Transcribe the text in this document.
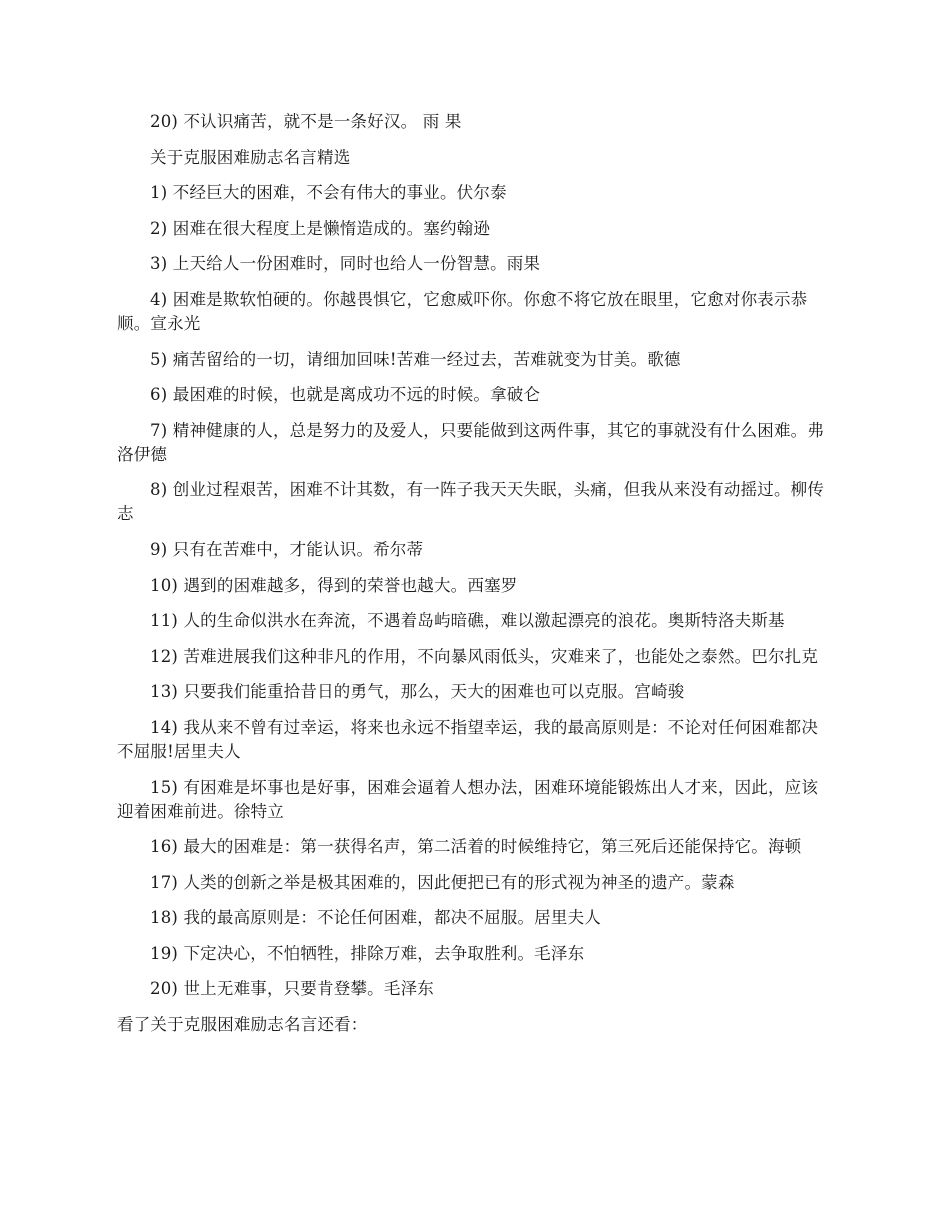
20) 不认识痛苦，就不是一条好汉。 雨 果

关于克服困难励志名言精选

1) 不经巨大的困难，不会有伟大的事业。伏尔泰

2) 困难在很大程度上是懒惰造成的。塞约翰逊

3) 上天给人一份困难时，同时也给人一份智慧。雨果

4) 困难是欺软怕硬的。你越畏惧它，它愈威吓你。你愈不将它放在眼里，它愈对你表示恭顺。宣永光

5) 痛苦留给的一切，请细加回味!苦难一经过去，苦难就变为甘美。歌德

6) 最困难的时候，也就是离成功不远的时候。拿破仑

7) 精神健康的人，总是努力的及爱人，只要能做到这两件事，其它的事就没有什么困难。弗洛伊德

8) 创业过程艰苦，困难不计其数，有一阵子我天天失眠，头痛，但我从来没有动摇过。柳传志

9) 只有在苦难中，才能认识。希尔蒂

10) 遇到的困难越多，得到的荣誉也越大。西塞罗

11) 人的生命似洪水在奔流，不遇着岛屿暗礁，难以激起漂亮的浪花。奥斯特洛夫斯基

12) 苦难进展我们这种非凡的作用，不向暴风雨低头，灾难来了，也能处之泰然。巴尔扎克

13) 只要我们能重拾昔日的勇气，那么，天大的困难也可以克服。宫崎骏

14) 我从来不曾有过幸运，将来也永远不指望幸运，我的最高原则是：不论对任何困难都决不屈服!居里夫人

15) 有困难是坏事也是好事，困难会逼着人想办法，困难环境能锻炼出人才来，因此，应该迎着困难前进。徐特立

16) 最大的困难是：第一获得名声，第二活着的时候维持它，第三死后还能保持它。海顿

17) 人类的创新之举是极其困难的，因此便把已有的形式视为神圣的遗产。蒙森

18) 我的最高原则是：不论任何困难，都决不屈服。居里夫人

19) 下定决心，不怕牺牲，排除万难，去争取胜利。毛泽东

20) 世上无难事，只要肯登攀。毛泽东

看了关于克服困难励志名言还看：
